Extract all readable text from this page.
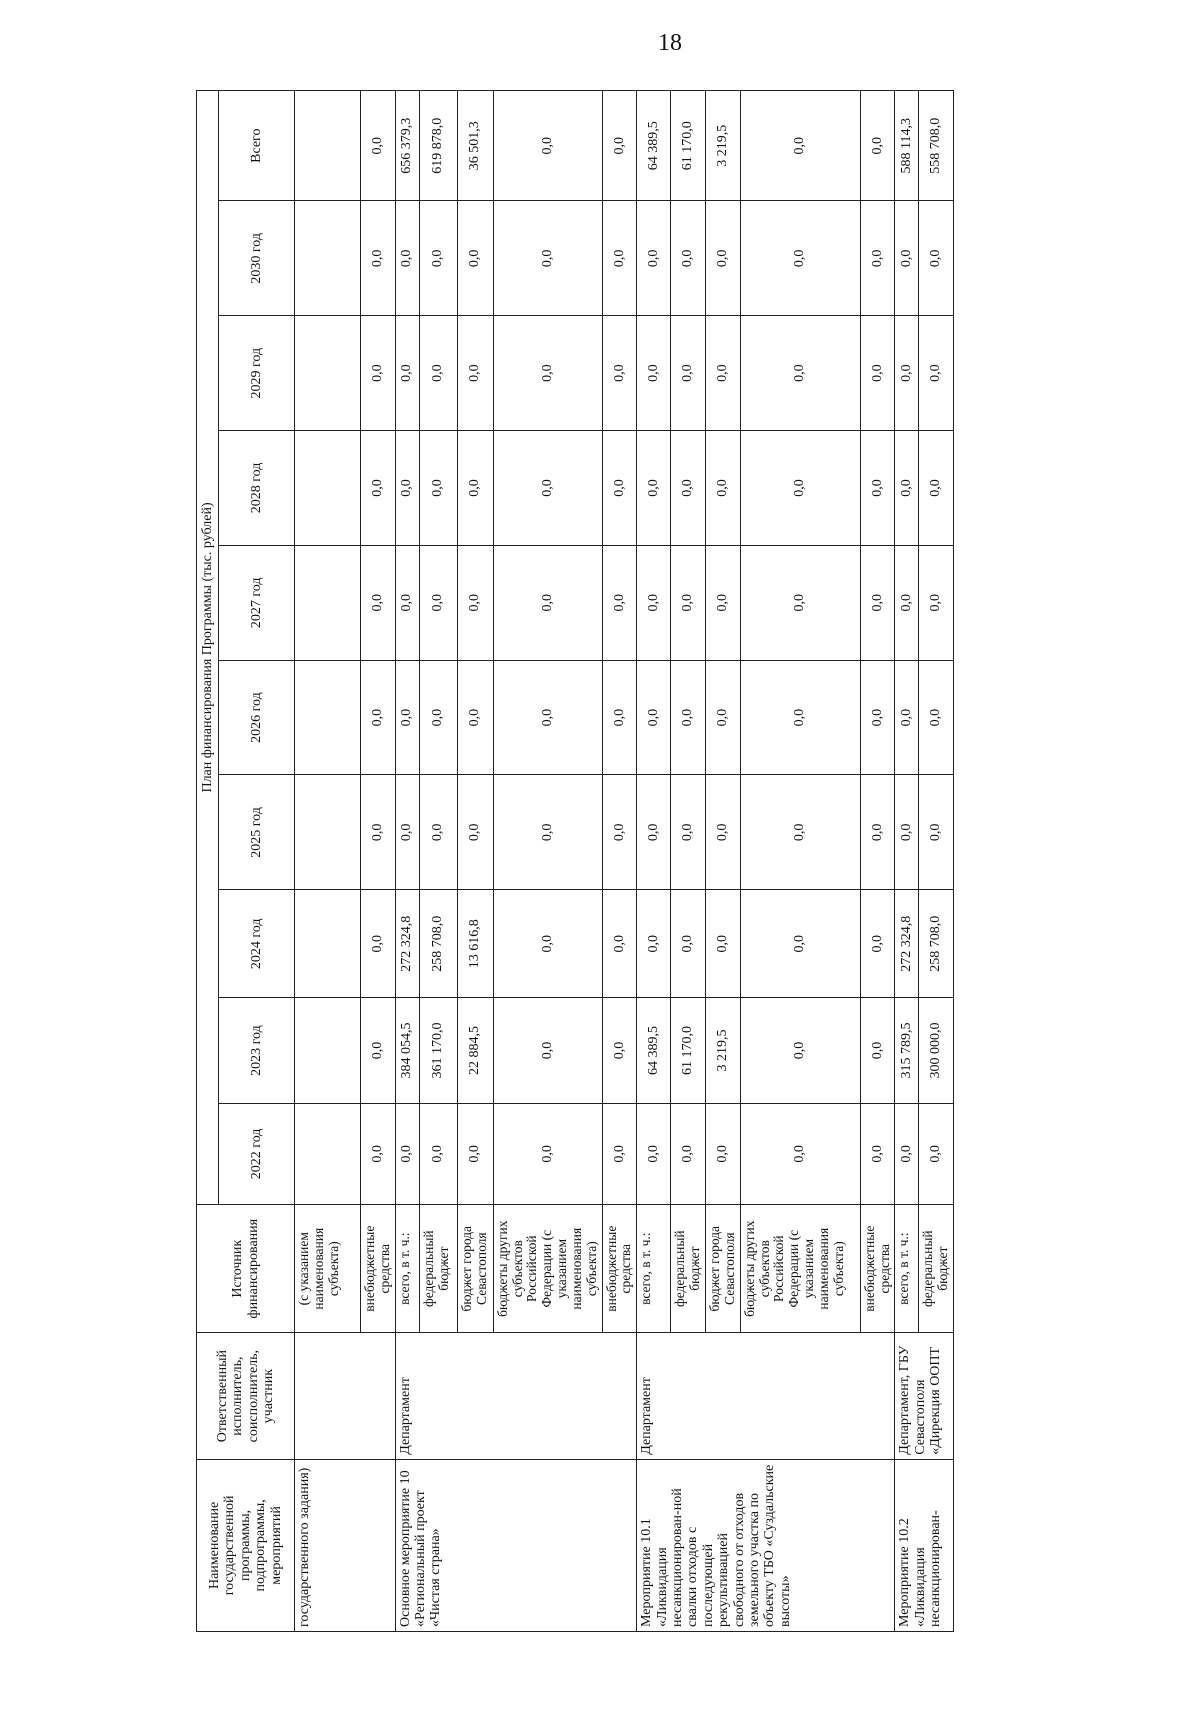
18
Наименование государственной программы, подпрограммы, мероприятий	Ответственный исполнитель, соисполнитель, участник	Источник финансирования	План финансирования Программы (тыс. рублей)									
			2022 год	2023 год	2024 год	2025 год	2026 год	2027 год	2028 год	2029 год	2030 год	Всего
государственного задания)		(с указанием наименования субъекта)										
		внебюджетные средства	0,0	0,0	0,0	0,0	0,0	0,0	0,0	0,0	0,0	0,0
Основное мероприятие 10 «Региональный проект «Чистая страна»	Департамент	всего, в т. ч.:	0,0	384 054,5	272 324,8	0,0	0,0	0,0	0,0	0,0	0,0	656 379,3
		федеральный бюджет	0,0	361 170,0	258 708,0	0,0	0,0	0,0	0,0	0,0	0,0	619 878,0
		бюджет города Севастополя	0,0	22 884,5	13 616,8	0,0	0,0	0,0	0,0	0,0	0,0	36 501,3
		бюджеты других субъектов Российской Федерации (с указанием наименования субъекта)	0,0	0,0	0,0	0,0	0,0	0,0	0,0	0,0	0,0	0,0
		внебюджетные средства	0,0	0,0	0,0	0,0	0,0	0,0	0,0	0,0	0,0	0,0
Мероприятие 10.1 «Ликвидация несанкционирован-ной свалки отходов с последующей рекультивацией свободного от отходов земельного участка по объекту ТБО «Суздальские высоты»	Департамент	всего, в т. ч.:	0,0	64 389,5	0,0	0,0	0,0	0,0	0,0	0,0	0,0	64 389,5
		федеральный бюджет	0,0	61 170,0	0,0	0,0	0,0	0,0	0,0	0,0	0,0	61 170,0
		бюджет города Севастополя	0,0	3 219,5	0,0	0,0	0,0	0,0	0,0	0,0	0,0	3 219,5
		бюджеты других субъектов Российской Федерации (с указанием наименования субъекта)	0,0	0,0	0,0	0,0	0,0	0,0	0,0	0,0	0,0	0,0
		внебюджетные средства	0,0	0,0	0,0	0,0	0,0	0,0	0,0	0,0	0,0	0,0
Мероприятие 10.2 «Ликвидация несанкционирован-	Департамент, ГБУ Севастополя «Дирекция ООПТ	всего, в т. ч.:	0,0	315 789,5	272 324,8	0,0	0,0	0,0	0,0	0,0	0,0	588 114,3
		федеральный бюджет	0,0	300 000,0	258 708,0	0,0	0,0	0,0	0,0	0,0	0,0	558 708,0
